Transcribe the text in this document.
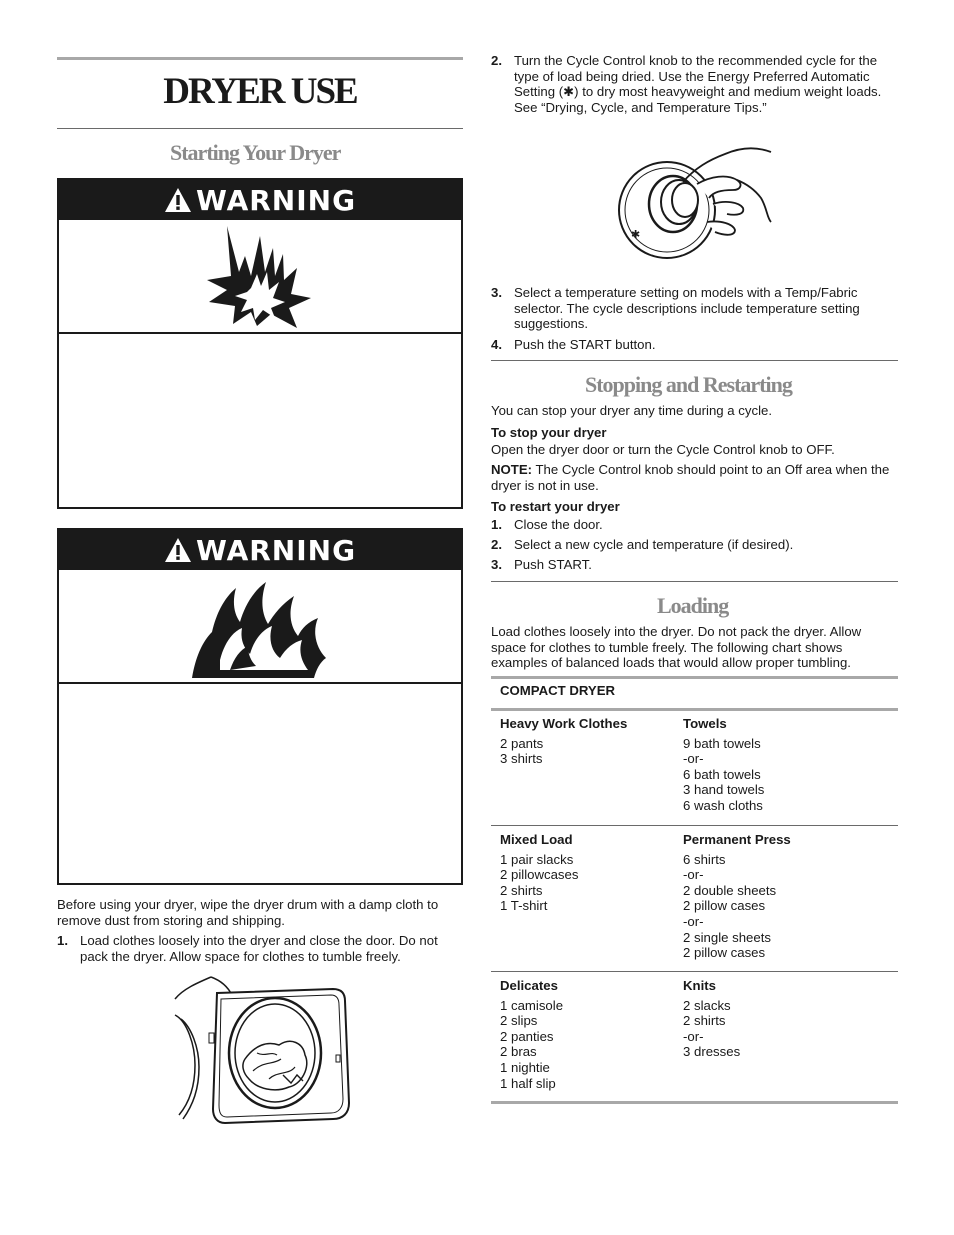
DRYER USE
Starting Your Dryer
WARNING
WARNING

Before using your dryer, wipe the dryer drum with a damp cloth to remove dust from storing and shipping.

1. Load clothes loosely into the dryer and close the door. Do not pack the dryer. Allow space for clothes to tumble freely.
2. Turn the Cycle Control knob to the recommended cycle for the type of load being dried. Use the Energy Preferred Automatic Setting (✱) to dry most heavyweight and medium weight loads. See “Drying, Cycle, and Temperature Tips.”
✱
3. Select a temperature setting on models with a Temp/Fabric selector. The cycle descriptions include temperature setting suggestions.
4. Push the START button.
Stopping and Restarting

You can stop your dryer any time during a cycle.

To stop your dryer

Open the dryer door or turn the Cycle Control knob to OFF.

NOTE: The Cycle Control knob should point to an Off area when the dryer is not in use.

To restart your dryer
1. Close the door.
2. Select a new cycle and temperature (if desired).
3. Push START.
Loading

Load clothes loosely into the dryer. Do not pack the dryer. Allow space for clothes to tumble freely. The following chart shows examples of balanced loads that would allow proper tumbling.

COMPACT DRYER
Heavy Work Clothes
2 pants
3 shirts
Towels
9 bath towels
-or-
6 bath towels
3 hand towels
6 wash cloths
Mixed Load
1 pair slacks
2 pillowcases
2 shirts
1 T-shirt
Permanent Press
6 shirts
-or-
2 double sheets
2 pillow cases
-or-
2 single sheets
2 pillow cases
Delicates
1 camisole
2 slips
2 panties
2 bras
1 nightie
1 half slip
Knits
2 slacks
2 shirts
-or-
3 dresses
